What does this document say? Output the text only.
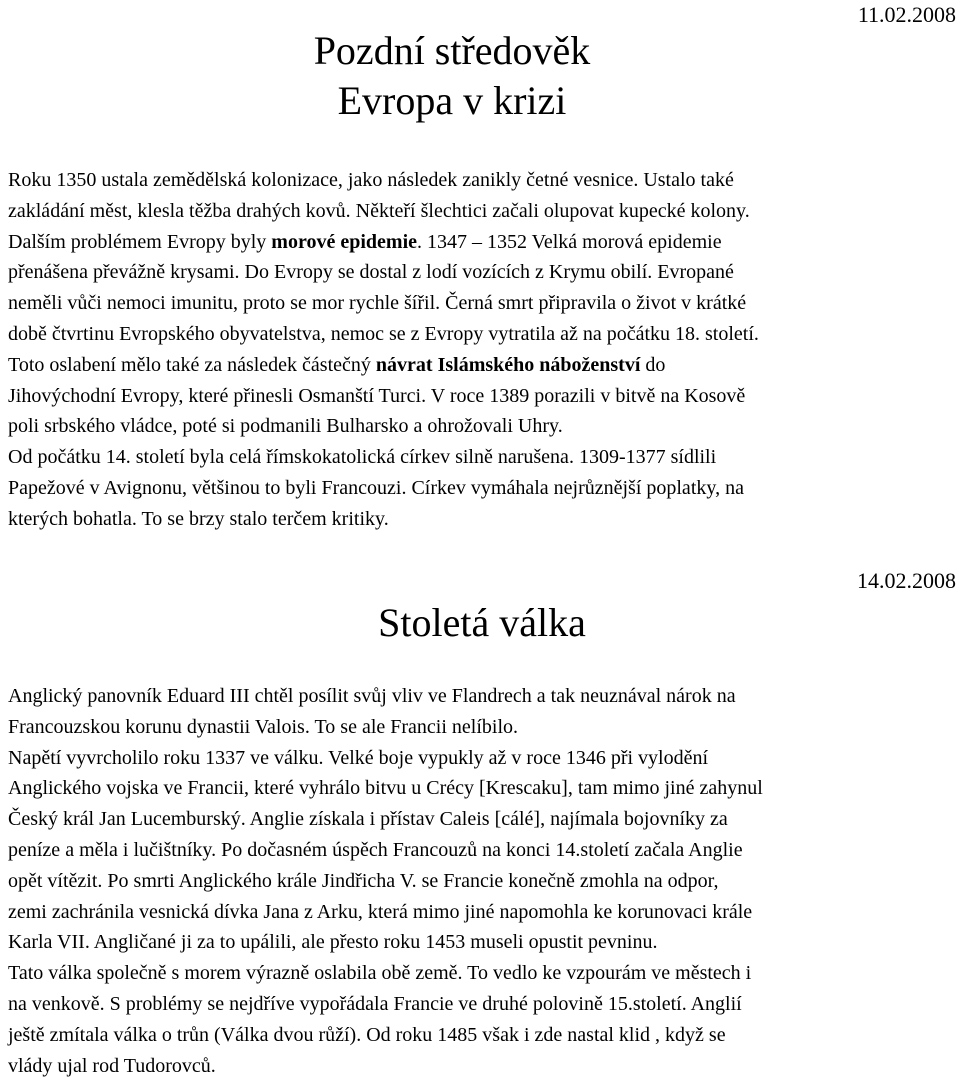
11.02.2008
Pozdní středověk
Evropa v krizi
Roku 1350 ustala zemědělská kolonizace, jako následek zanikly četné vesnice. Ustalo také
zakládání měst, klesla těžba drahých kovů. Někteří šlechtici začali olupovat kupecké kolony.
Dalším problémem Evropy byly morové epidemie. 1347 – 1352 Velká morová epidemie
přenášena převážně krysami. Do Evropy se dostal z lodí vozících z Krymu obilí. Evropané
neměli vůči nemoci imunitu, proto se mor rychle šířil. Černá smrt připravila o život v krátké
době čtvrtinu Evropského obyvatelstva, nemoc se z Evropy vytratila až na počátku 18. století.
Toto oslabení mělo také za následek částečný návrat Islámského náboženství do
Jihovýchodní Evropy, které přinesli Osmanští Turci. V roce 1389 porazili v bitvě na Kosově
poli srbského vládce, poté si podmanili Bulharsko a ohrožovali Uhry.
Od počátku 14. století byla celá římskokatolická církev silně narušena. 1309-1377 sídlili
Papežové v Avignonu, většinou to byli Francouzi. Církev vymáhala nejrůznější poplatky, na
kterých bohatla. To se brzy stalo terčem kritiky.
14.02.2008
Stoletá válka
Anglický panovník Eduard III chtěl posílit svůj vliv ve Flandrech a tak neuznával nárok na
Francouzskou korunu dynastii Valois. To se ale Francii nelíbilo.
Napětí vyvrcholilo roku 1337 ve válku. Velké boje vypukly až v roce 1346 při vylodění
Anglického vojska ve Francii, které vyhrálo bitvu u Crécy [Krescaku], tam mimo jiné zahynul
Český král Jan Lucemburský. Anglie získala i přístav Caleis [cálé], najímala bojovníky za
peníze a měla i lučištníky. Po dočasném úspěch Francouzů na konci 14.století začala Anglie
opět vítězit. Po smrti Anglického krále Jindřicha V. se Francie konečně zmohla na odpor,
zemi zachránila vesnická dívka Jana z Arku, která mimo jiné napomohla ke korunovaci krále
Karla VII. Angličané ji za to upálili, ale přesto roku 1453 museli opustit pevninu.
Tato válka společně s morem výrazně oslabila obě země. To vedlo ke vzpourám ve městech i
na venkově. S problémy se nejdříve vypořádala Francie ve druhé polovině 15.století. Anglií
ještě zmítala válka o trůn (Válka dvou růží). Od roku 1485 však i zde nastal klid , když se
vlády ujal rod Tudorovců.
